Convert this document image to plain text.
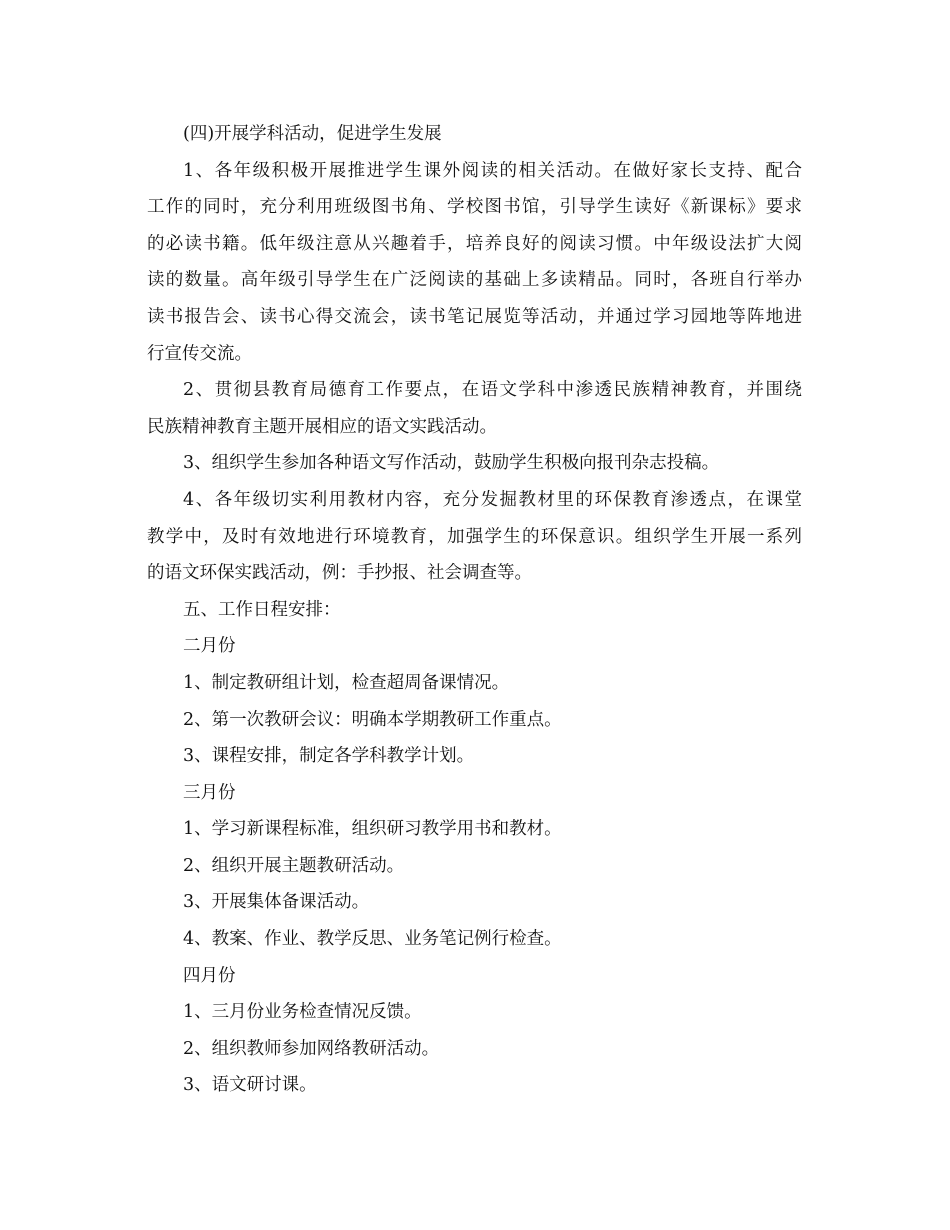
(四)开展学科活动，促进学生发展
1、各年级积极开展推进学生课外阅读的相关活动。在做好家长支持、配合
工作的同时，充分利用班级图书角、学校图书馆，引导学生读好《新课标》要求
的必读书籍。低年级注意从兴趣着手，培养良好的阅读习惯。中年级设法扩大阅
读的数量。高年级引导学生在广泛阅读的基础上多读精品。同时，各班自行举办
读书报告会、读书心得交流会，读书笔记展览等活动，并通过学习园地等阵地进
行宣传交流。
2、贯彻县教育局德育工作要点，在语文学科中渗透民族精神教育，并围绕
民族精神教育主题开展相应的语文实践活动。
3、组织学生参加各种语文写作活动，鼓励学生积极向报刊杂志投稿。
4、各年级切实利用教材内容，充分发掘教材里的环保教育渗透点，在课堂
教学中，及时有效地进行环境教育，加强学生的环保意识。组织学生开展一系列
的语文环保实践活动，例：手抄报、社会调查等。
五、工作日程安排：
二月份
1、制定教研组计划，检查超周备课情况。
2、第一次教研会议：明确本学期教研工作重点。
3、课程安排，制定各学科教学计划。
三月份
1、学习新课程标准，组织研习教学用书和教材。
2、组织开展主题教研活动。
3、开展集体备课活动。
4、教案、作业、教学反思、业务笔记例行检查。
四月份
1、三月份业务检查情况反馈。
2、组织教师参加网络教研活动。
3、语文研讨课。
